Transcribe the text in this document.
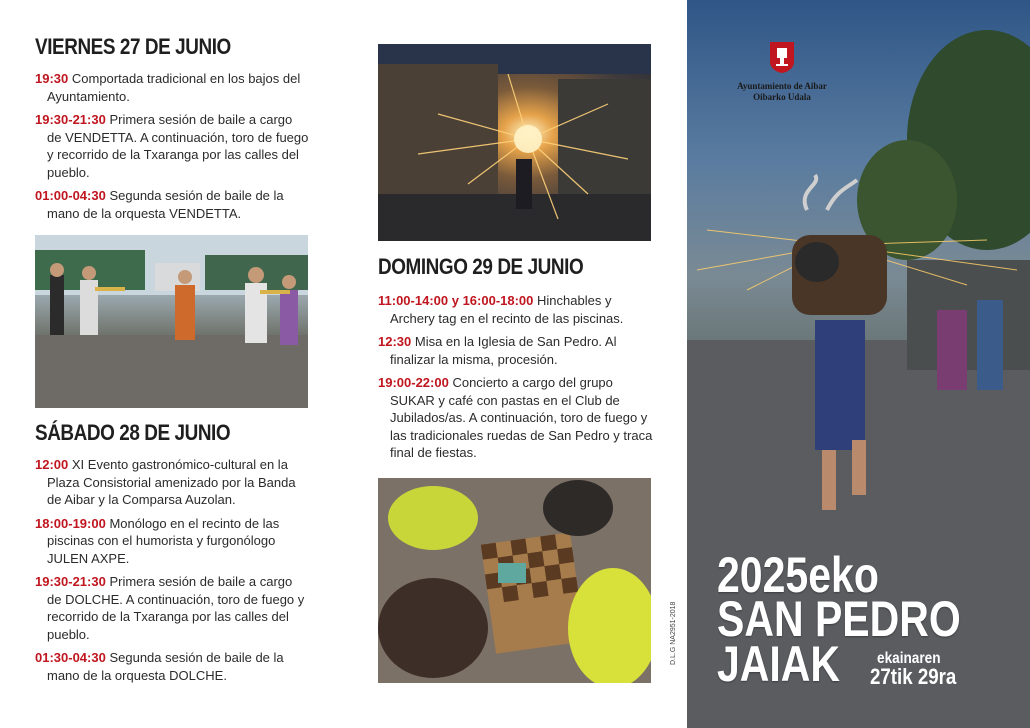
VIERNES 27 DE JUNIO
19:30 Comportada tradicional en los bajos del Ayuntamiento.
19:30-21:30 Primera sesión de baile a cargo de VENDETTA. A continuación, toro de fuego y recorrido de la Txaranga por las calles del pueblo.
01:00-04:30 Segunda sesión de baile de la mano de la orquesta VENDETTA.
SÁBADO 28 DE JUNIO
12:00 XI Evento gastronómico-cultural en la Plaza Consistorial amenizado por la Banda de Aibar y la Comparsa Auzolan.
18:00-19:00 Monólogo en el recinto de las piscinas con el humorista y furgonólogo JULEN AXPE.
19:30-21:30 Primera sesión de baile a cargo de DOLCHE. A continuación, toro de fuego y recorrido de la Txaranga por las calles del pueblo.
01:30-04:30 Segunda sesión de baile de la mano de la orquesta DOLCHE.
DOMINGO 29 DE JUNIO
11:00-14:00 y 16:00-18:00 Hinchables y Archery tag en el recinto de las piscinas.
12:30 Misa en la Iglesia de San Pedro. Al finalizar la misma, procesión.
19:00-22:00 Concierto a cargo del grupo SUKAR y café con pastas en el Club de Jubilados/as. A continuación, toro de fuego y las tradicionales ruedas de San Pedro y traca final de fiestas.
D.L.G NA2951-2018
Ayuntamiento de Aibar
Oibarko Udala
2025eko
SAN PEDRO
JAIAK ekainaren
27tik 29ra
